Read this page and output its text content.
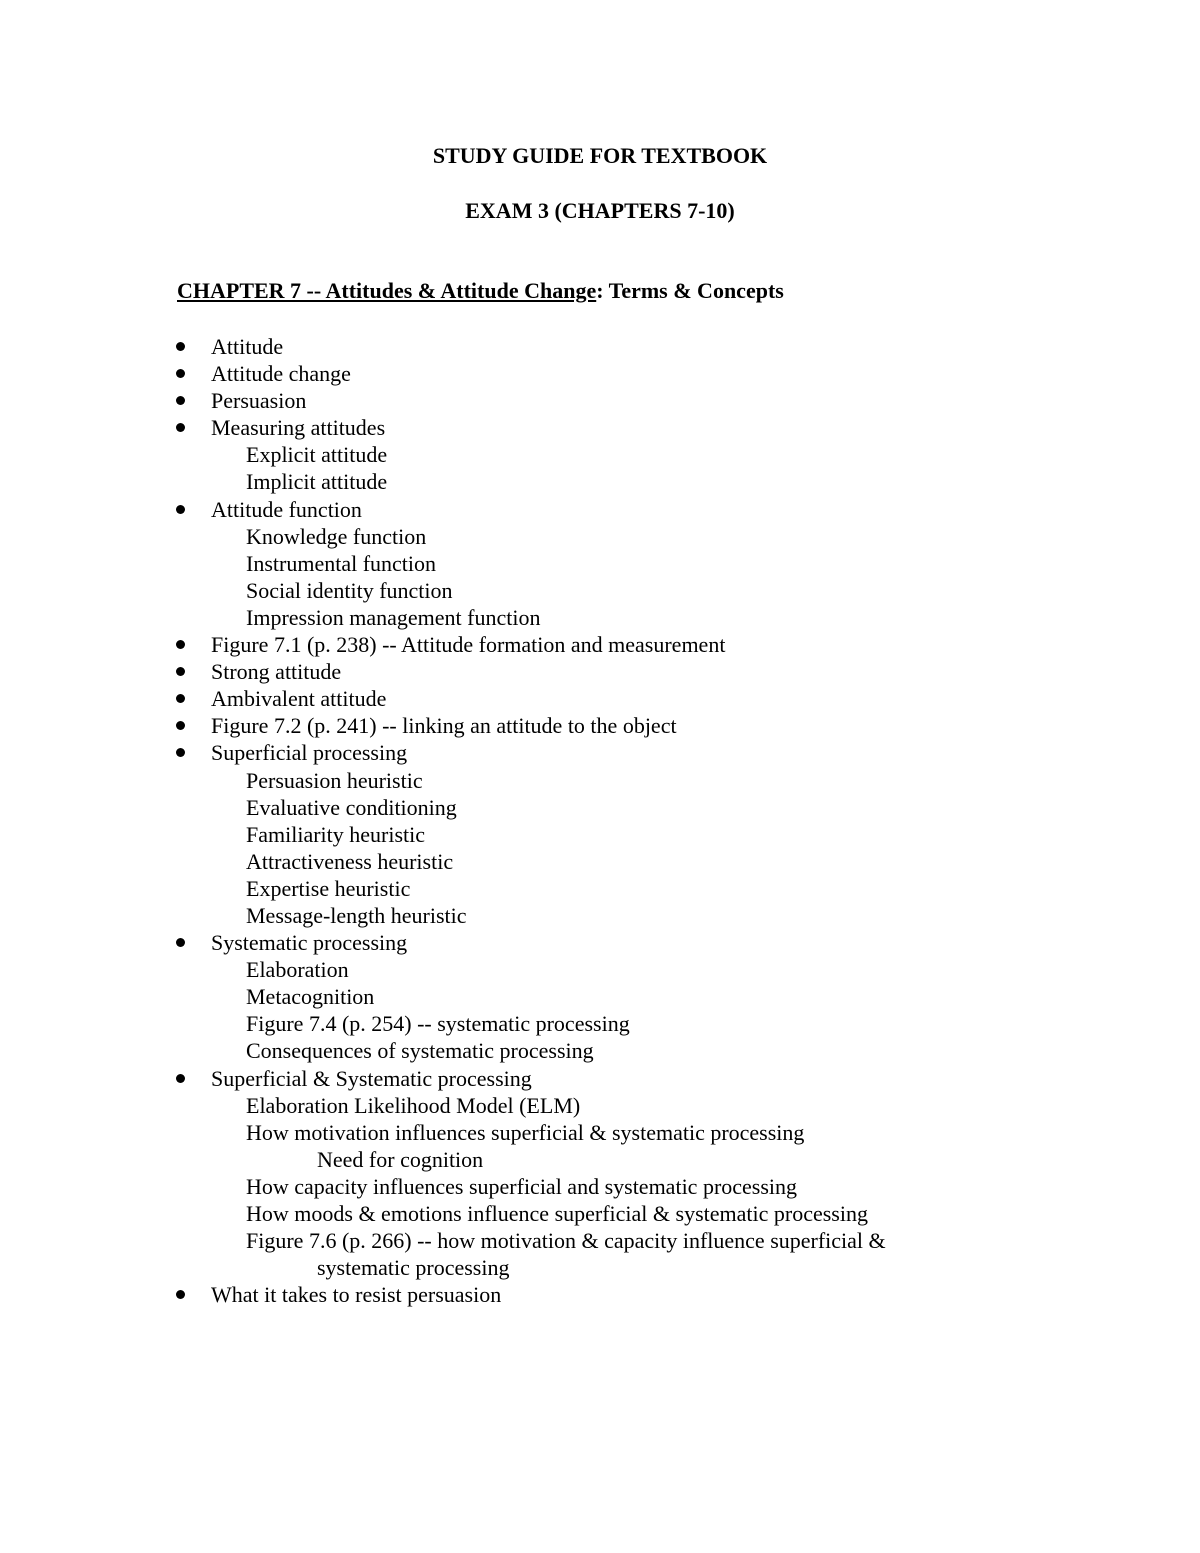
STUDY GUIDE FOR TEXTBOOK
EXAM 3 (CHAPTERS 7-10)
CHAPTER 7 -- Attitudes & Attitude Change: Terms & Concepts
Attitude
Attitude change
Persuasion
Measuring attitudes
Explicit attitude
Implicit attitude
Attitude function
Knowledge function
Instrumental function
Social identity function
Impression management function
Figure 7.1 (p. 238) -- Attitude formation and measurement
Strong attitude
Ambivalent attitude
Figure 7.2 (p. 241) -- linking an attitude to the object
Superficial processing
Persuasion heuristic
Evaluative conditioning
Familiarity heuristic
Attractiveness heuristic
Expertise heuristic
Message-length heuristic
Systematic processing
Elaboration
Metacognition
Figure 7.4 (p. 254) -- systematic processing
Consequences of systematic processing
Superficial & Systematic processing
Elaboration Likelihood Model (ELM)
How motivation influences superficial & systematic processing
Need for cognition
How capacity influences superficial and systematic processing
How moods & emotions influence superficial & systematic processing
Figure 7.6 (p. 266) -- how motivation & capacity influence superficial &
systematic processing
What it takes to resist persuasion
